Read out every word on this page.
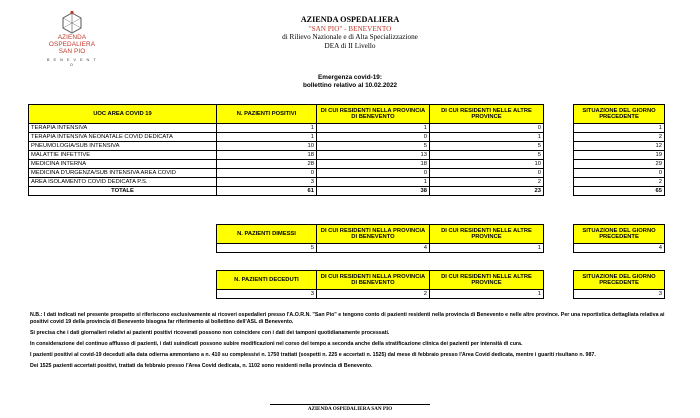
AZIENDA
OSPEDALIERA
SAN PIO
B E N E V E N T O
AZIENDA OSPEDALIERA
"SAN PIO" - BENEVENTO
di Rilievo Nazionale e di Alta Specializzazione
DEA di II Livello
Emergenza covid-19:
bollettino relativo al 10.02.2022
UOC AREA COVID 19	N. PAZIENTI POSITIVI	DI CUI RESIDENTI NELLA PROVINCIA DI BENEVENTO	DI CUI RESIDENTI NELLE ALTRE PROVINCE		SITUAZIONE DEL GIORNO PRECEDENTE
TERAPIA INTENSIVA	1	1	0		1
TERAPIA INTENSIVA NEONATALE COVID DEDICATA	1	0	1		2
PNEUMOLOGIA/SUB INTENSIVA	10	5	5		12
MALATTIE INFETTIVE	18	13	5		19
MEDICINA INTERNA	28	18	10		29
MEDICINA D'URGENZA/SUB INTENSIVA AREA COVID	0	0	0		0
AREA ISOLAMENTO COVID DEDICATA P.S.	3	1	2		2
TOTALE	61	38	23		65
N. PAZIENTI DIMESSI	DI CUI RESIDENTI NELLA PROVINCIA DI BENEVENTO	DI CUI RESIDENTI NELLE ALTRE PROVINCE		SITUAZIONE DEL GIORNO PRECEDENTE
5	4	1		4
N. PAZIENTI DECEDUTI	DI CUI RESIDENTI NELLA PROVINCIA DI BENEVENTO	DI CUI RESIDENTI NELLE ALTRE PROVINCE		SITUAZIONE DEL GIORNO PRECEDENTE
3	2	1		3

N.B.: I dati indicati nel presente prospetto si riferiscono esclusivamente ai ricoveri ospedalieri presso l'A.O.R.N. "San Pio" e tengono conto di pazienti residenti nella provincia di Benevento e nelle altre province. Per una reportistica dettagliata relativa ai positivi covid 19 della provincia di Benevento bisogna far riferimento al bollettino dell'ASL di Benevento.

Si precisa che i dati giornalieri relativi ai pazienti positivi ricoverati possono non coincidere con i dati dei tamponi quotidianamente processati.

In considerazione del continuo afflusso di pazienti, i dati suindicati possono subire modificazioni nel corso del tempo a seconda anche della stratificazione clinica dei pazienti per intensità di cura.

I pazienti positivi al covid-19 deceduti alla data odierna ammontano a n. 410 su complessivi n. 1750 trattati (sospetti n. 225 e accertati n. 1525) dal mese di febbraio presso l'Area Covid dedicata, mentre i guariti risultano n. 987.

Dei 1525 pazienti accertati positivi, trattati da febbraio presso l'Area Covid dedicata, n. 1102 sono residenti nella provincia di Benevento.

AZIENDA OSPEDALIERA SAN PIO
